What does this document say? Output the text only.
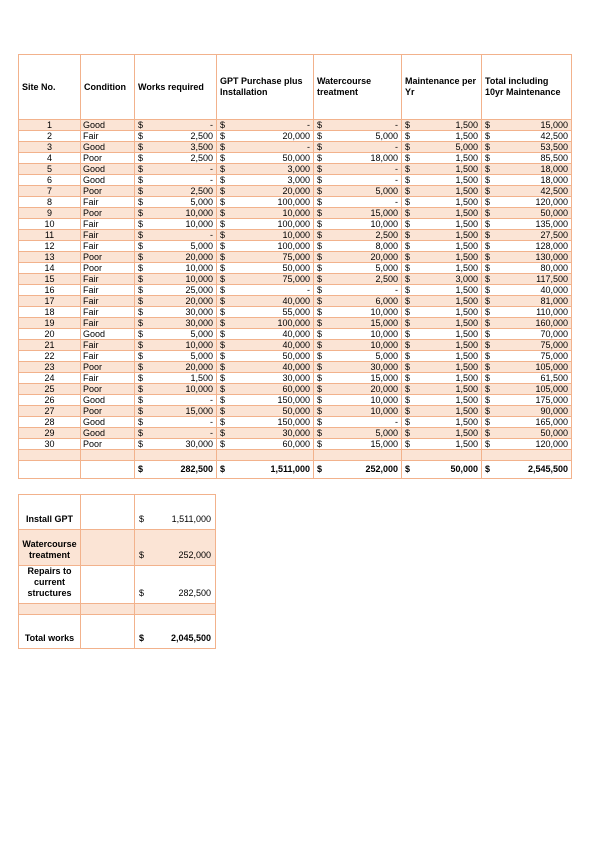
Site No.	Condition	Works required	GPT Purchase plus Installation	Watercourse treatment	Maintenance per Yr	Total including 10yr Maintenance
1	Good	$ -	$ -	$ -	$ 1,500	$ 15,000

2	Fair	$ 2,500	$ 20,000	$ 5,000	$ 1,500	$ 42,500

3	Good	$ 3,500	$ -	$ -	$ 5,000	$ 53,500

4	Poor	$ 2,500	$ 50,000	$ 18,000	$ 1,500	$ 85,500

5	Good	$ -	$ 3,000	$ -	$ 1,500	$ 18,000

6	Good	$ -	$ 3,000	$ -	$ 1,500	$ 18,000

7	Poor	$ 2,500	$ 20,000	$ 5,000	$ 1,500	$ 42,500

8	Fair	$ 5,000	$ 100,000	$ -	$ 1,500	$ 120,000

9	Poor	$ 10,000	$ 10,000	$ 15,000	$ 1,500	$ 50,000

10	Fair	$ 10,000	$ 100,000	$ 10,000	$ 1,500	$ 135,000

11	Fair	$ -	$ 10,000	$ 2,500	$ 1,500	$ 27,500

12	Fair	$ 5,000	$ 100,000	$ 8,000	$ 1,500	$ 128,000

13	Poor	$ 20,000	$ 75,000	$ 20,000	$ 1,500	$ 130,000

14	Poor	$ 10,000	$ 50,000	$ 5,000	$ 1,500	$ 80,000

15	Fair	$ 10,000	$ 75,000	$ 2,500	$ 3,000	$ 117,500

16	Fair	$ 25,000	$ -	$ -	$ 1,500	$ 40,000

17	Fair	$ 20,000	$ 40,000	$ 6,000	$ 1,500	$ 81,000

18	Fair	$ 30,000	$ 55,000	$ 10,000	$ 1,500	$ 110,000

19	Fair	$ 30,000	$ 100,000	$ 15,000	$ 1,500	$ 160,000

20	Good	$ 5,000	$ 40,000	$ 10,000	$ 1,500	$ 70,000

21	Fair	$ 10,000	$ 40,000	$ 10,000	$ 1,500	$ 75,000

22	Fair	$ 5,000	$ 50,000	$ 5,000	$ 1,500	$ 75,000

23	Poor	$ 20,000	$ 40,000	$ 30,000	$ 1,500	$ 105,000

24	Fair	$ 1,500	$ 30,000	$ 15,000	$ 1,500	$ 61,500

25	Poor	$ 10,000	$ 60,000	$ 20,000	$ 1,500	$ 105,000

26	Good	$ -	$ 150,000	$ 10,000	$ 1,500	$ 175,000

27	Poor	$ 15,000	$ 50,000	$ 10,000	$ 1,500	$ 90,000

28	Good	$ -	$ 150,000	$ -	$ 1,500	$ 165,000

29	Good	$ -	$ 30,000	$ 5,000	$ 1,500	$ 50,000

30	Poor	$ 30,000	$ 60,000	$ 15,000	$ 1,500	$ 120,000

		$ 282,500	$ 1,511,000	$ 252,000	$ 50,000	$ 2,545,500
Install GPT		$ 1,511,000

Watercourse treatment		$ 252,000

Repairs to current structures		$ 282,500

Total works		$ 2,045,500
